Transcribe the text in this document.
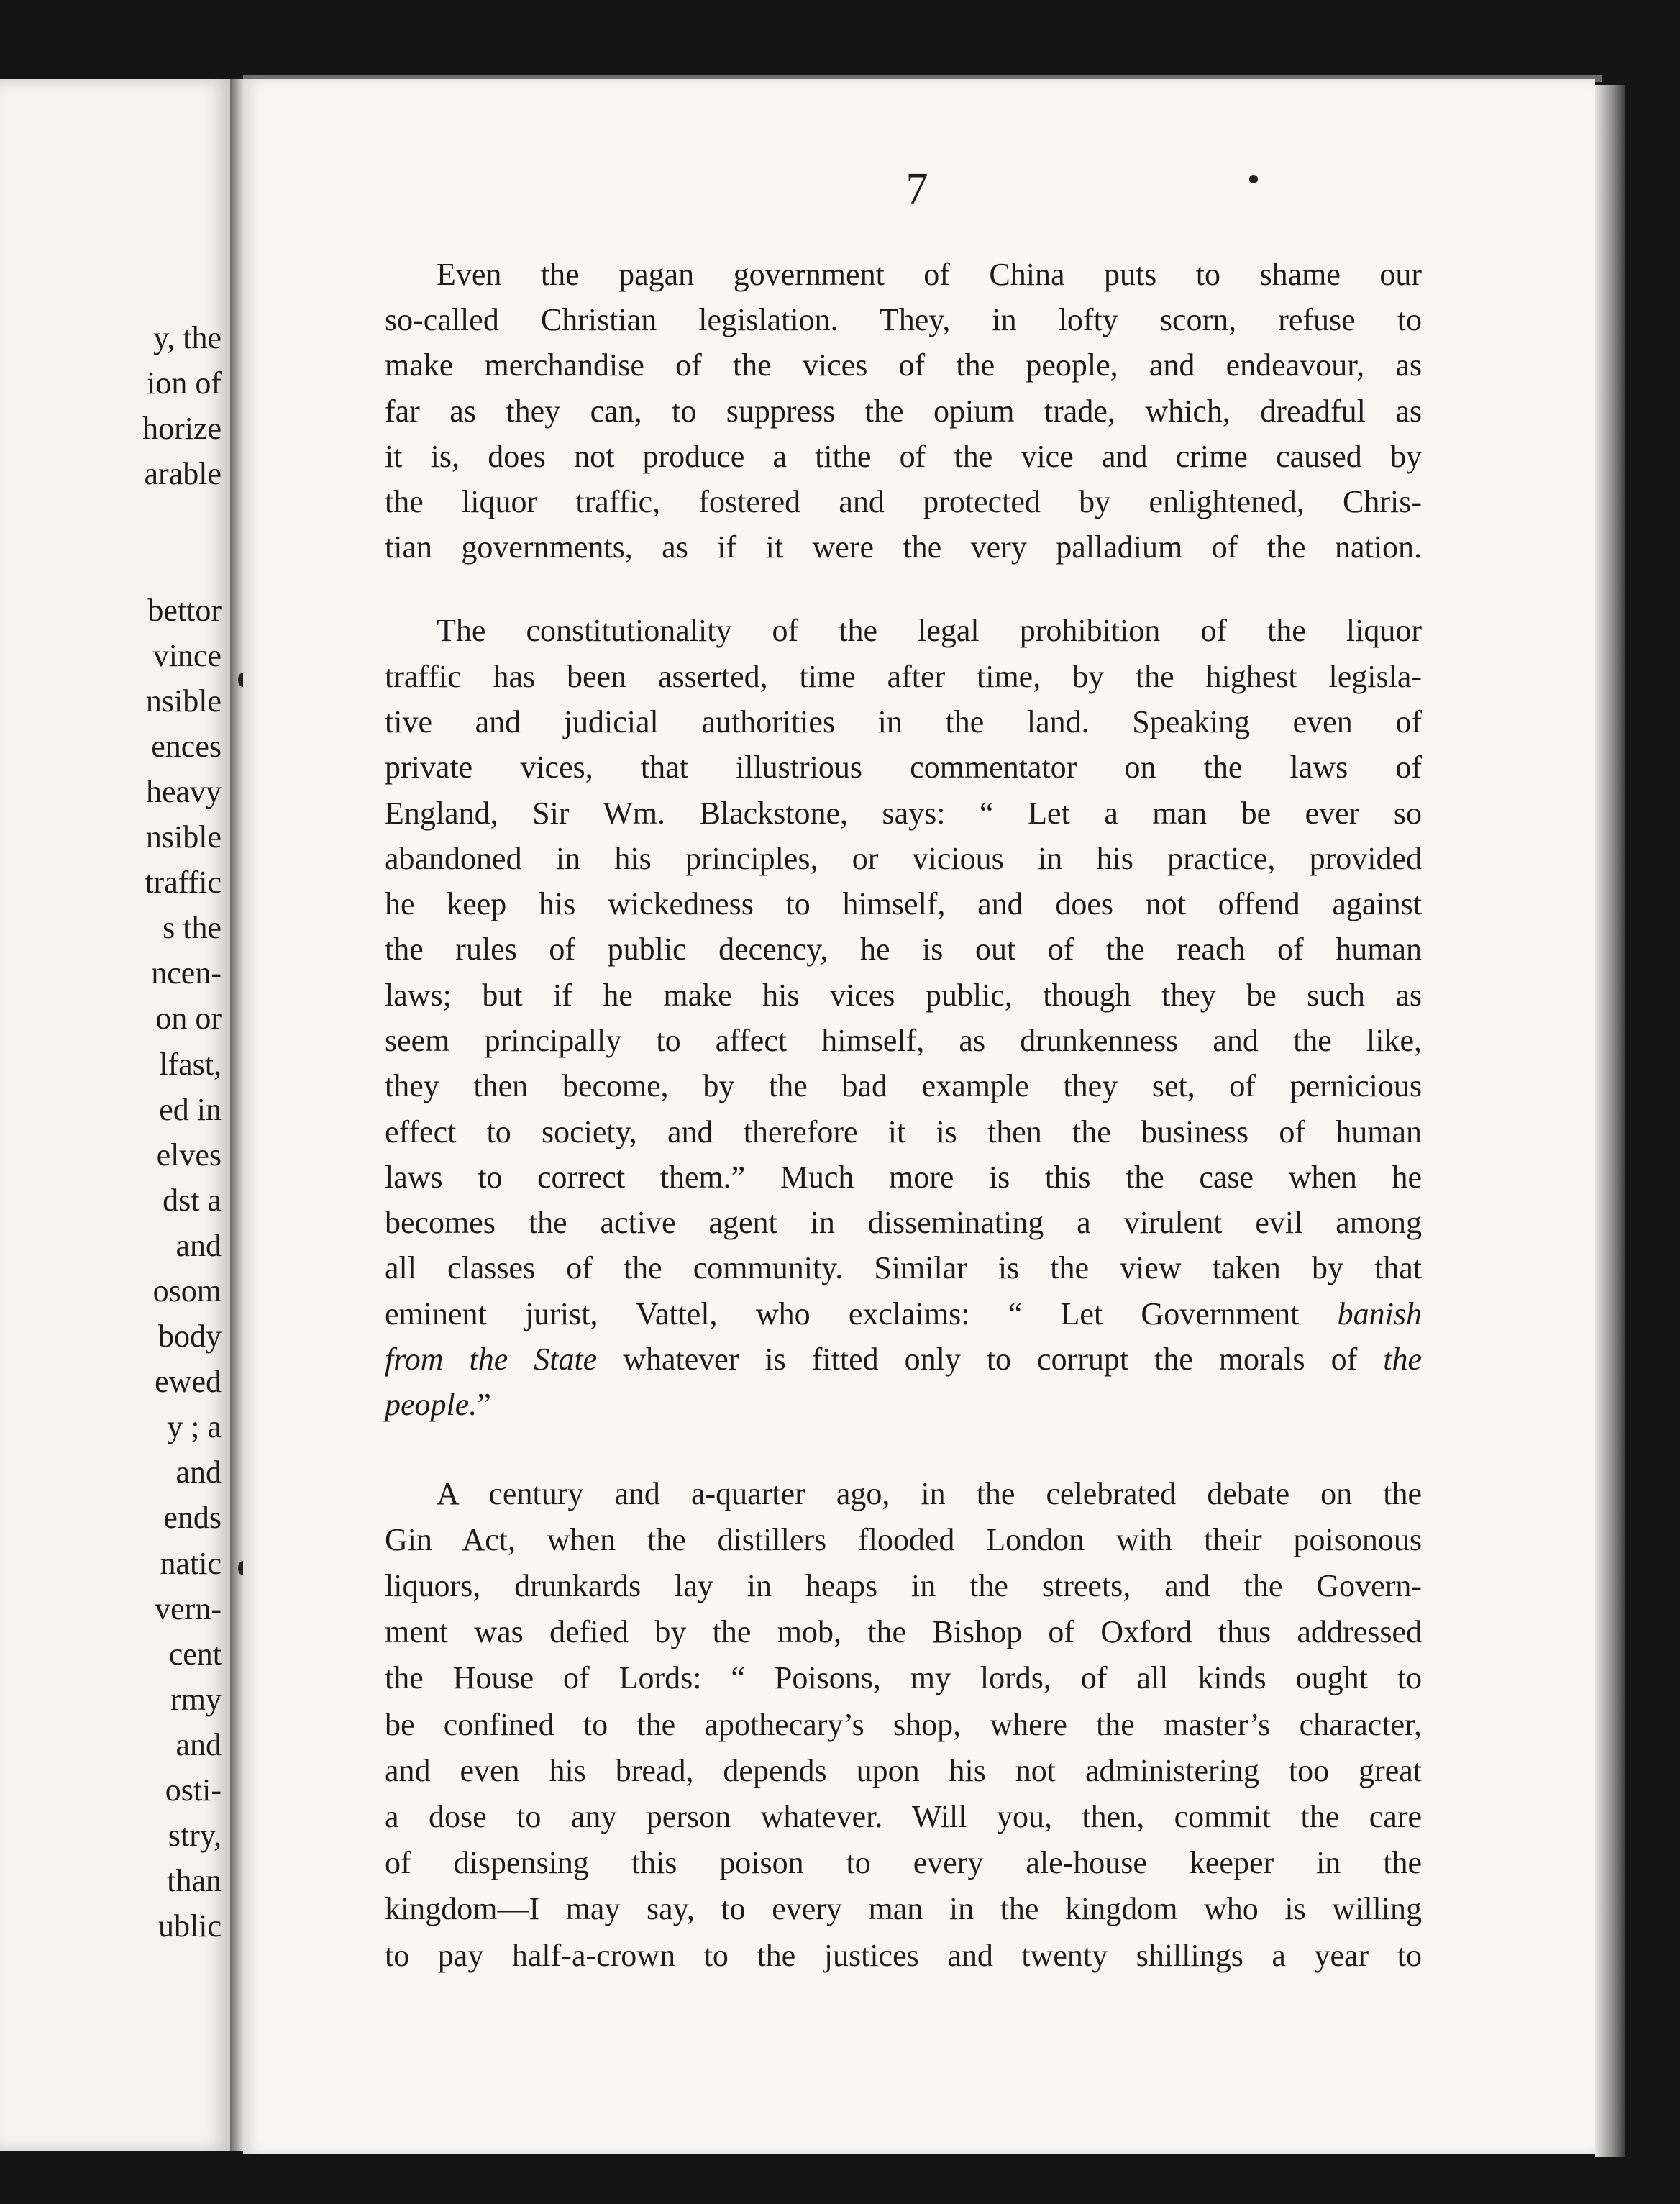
y, the
ion of
horize
arable
bettor
vince
nsible
ences
heavy
nsible
traffic
s the
ncen-
on or
lfast,
ed in
elves
dst a
and
osom
body
ewed
y ; a
and
ends
natic
vern-
cent
rmy
and
osti-
stry,
than
ublic
7
Even the pagan government of China puts to shame our
so-called Christian legislation. They, in lofty scorn, refuse to
make merchandise of the vices of the people, and endeavour, as
far as they can, to suppress the opium trade, which, dreadful as
it is, does not produce a tithe of the vice and crime caused by
the liquor traffic, fostered and protected by enlightened, Chris-
tian governments, as if it were the very palladium of the nation.
The constitutionality of the legal prohibition of the liquor
traffic has been asserted, time after time, by the highest legisla-
tive and judicial authorities in the land. Speaking even of
private vices, that illustrious commentator on the laws of
England, Sir Wm. Blackstone, says: “ Let a man be ever so
abandoned in his principles, or vicious in his practice, provided
he keep his wickedness to himself, and does not offend against
the rules of public decency, he is out of the reach of human
laws; but if he make his vices public, though they be such as
seem principally to affect himself, as drunkenness and the like,
they then become, by the bad example they set, of pernicious
effect to society, and therefore it is then the business of human
laws to correct them.” Much more is this the case when he
becomes the active agent in disseminating a virulent evil among
all classes of the community. Similar is the view taken by that
eminent jurist, Vattel, who exclaims: “ Let Government banish
from the State whatever is fitted only to corrupt the morals of the
people.”
A century and a-quarter ago, in the celebrated debate on the
Gin Act, when the distillers flooded London with their poisonous
liquors, drunkards lay in heaps in the streets, and the Govern-
ment was defied by the mob, the Bishop of Oxford thus addressed
the House of Lords: “ Poisons, my lords, of all kinds ought to
be confined to the apothecary’s shop, where the master’s character,
and even his bread, depends upon his not administering too great
a dose to any person whatever. Will you, then, commit the care
of dispensing this poison to every ale-house keeper in the
kingdom—I may say, to every man in the kingdom who is willing
to pay half-a-crown to the justices and twenty shillings a year to
